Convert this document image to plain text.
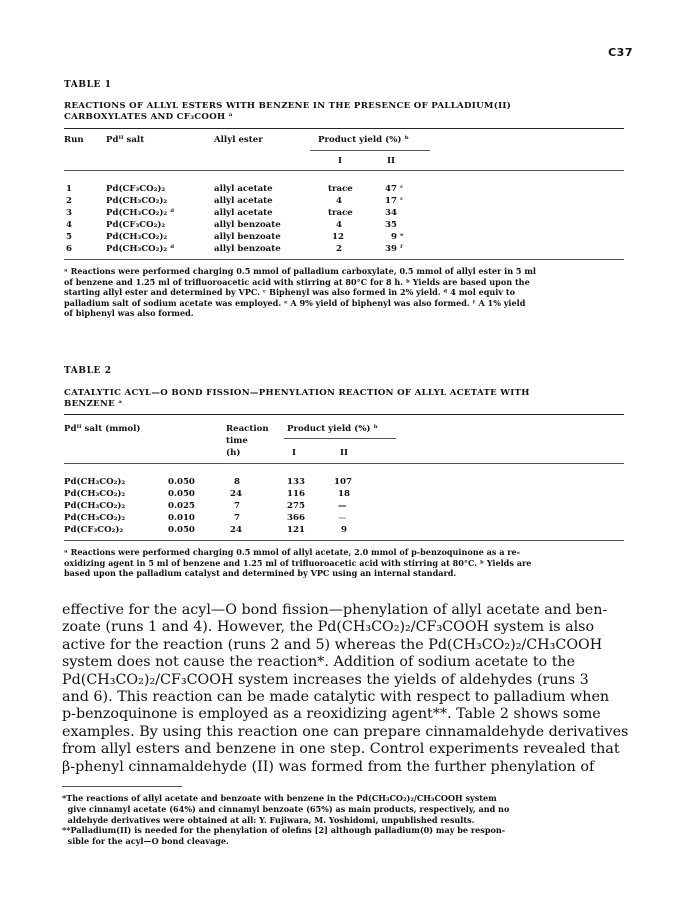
C37
TABLE 1
REACTIONS OF ALLYL ESTERS WITH BENZENE IN THE PRESENCE OF PALLADIUM(II)
CARBOXYLATES AND CF₃COOH ᵃ
Run	Pdᴵᴵ salt	Allyl ester	Product yield (%) ᵇ
I	II
1	Pd(CF₃CO₂)₂	allyl acetate	trace	47 ᶜ
2	Pd(CH₃CO₂)₂	allyl acetate	4	17 ᶜ
3	Pd(CH₃CO₂)₂ ᵈ	allyl acetate	trace	34
4	Pd(CF₃CO₂)₂	allyl benzoate	4	35
5	Pd(CH₃CO₂)₂	allyl benzoate	12	9 ᵉ
6	Pd(CH₃CO₂)₂ ᵈ	allyl benzoate	2	39 ᶠ
ᵃ Reactions were performed charging 0.5 mmol of palladium carboxylate, 0.5 mmol of allyl ester in 5 ml
of benzene and 1.25 ml of trifluoroacetic acid with stirring at 80°C for 8 h. ᵇ Yields are based upon the
starting allyl ester and determined by VPC. ᶜ Biphenyl was also formed in 2% yield. ᵈ 4 mol equiv to
palladium salt of sodium acetate was employed. ᵉ A 9% yield of biphenyl was also formed. ᶠ A 1% yield
of biphenyl was also formed.
TABLE 2
CATALYTIC ACYL—O BOND FISSION—PHENYLATION REACTION OF ALLYL ACETATE WITH
BENZENE ᵃ
Pdᴵᴵ salt (mmol)	Reaction
time
(h)
Product yield (%) ᵇ
I	II
Pd(CH₃CO₂)₂	0.050	8	133	107
Pd(CH₃CO₂)₂	0.050	24	116	18
Pd(CH₃CO₂)₂	0.025	7	275	—
Pd(CH₃CO₂)₂	0.010	7	366	—
Pd(CF₃CO₂)₂	0.050	24	121	9
ᵃ Reactions were performed charging 0.5 mmol of allyl acetate, 2.0 mmol of p-benzoquinone as a re-
oxidizing agent in 5 ml of benzene and 1.25 ml of trifluoroacetic acid with stirring at 80°C. ᵇ Yields are
based upon the palladium catalyst and determined by VPC using an internal standard.
effective for the acyl—O bond fission—phenylation of allyl acetate and ben-
zoate (runs 1 and 4). However, the Pd(CH₃CO₂)₂/CF₃COOH system is also
active for the reaction (runs 2 and 5) whereas the Pd(CH₃CO₂)₂/CH₃COOH
system does not cause the reaction*. Addition of sodium acetate to the
Pd(CH₃CO₂)₂/CF₃COOH system increases the yields of aldehydes (runs 3
and 6). This reaction can be made catalytic with respect to palladium when
p-benzoquinone is employed as a reoxidizing agent**. Table 2 shows some
examples. By using this reaction one can prepare cinnamaldehyde derivatives
from allyl esters and benzene in one step. Control experiments revealed that
β-phenyl cinnamaldehyde (II) was formed from the further phenylation of
*The reactions of allyl acetate and benzoate with benzene in the Pd(CH₃CO₂)₂/CH₃COOH system
give cinnamyl acetate (64%) and cinnamyl benzoate (65%) as main products, respectively, and no
aldehyde derivatives were obtained at all: Y. Fujiwara, M. Yoshidomi, unpublished results.
**Palladium(II) is needed for the phenylation of olefins [2] although palladium(0) may be respon-
sible for the acyl—O bond cleavage.
